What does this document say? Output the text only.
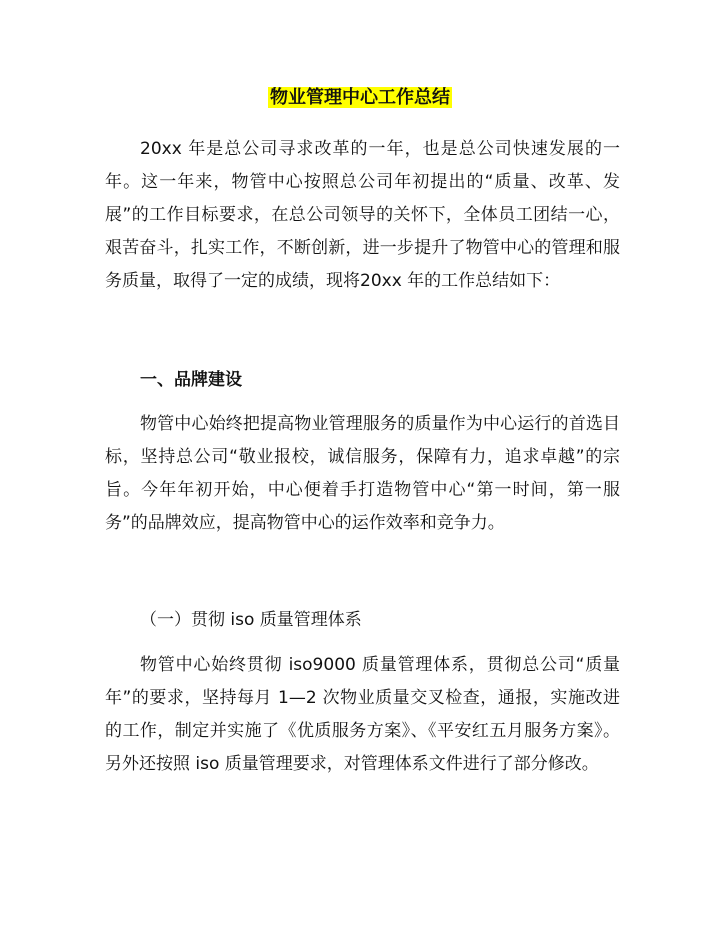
物业管理中心工作总结

20xx 年是总公司寻求改革的一年，也是总公司快速发展的一年。这一年来，物管中心按照总公司年初提出的“质量、改革、发展”的工作目标要求，在总公司领导的关怀下，全体员工团结一心，艰苦奋斗，扎实工作，不断创新，进一步提升了物管中心的管理和服务质量，取得了一定的成绩，现将20xx 年的工作总结如下：

一、品牌建设

物管中心始终把提高物业管理服务的质量作为中心运行的首选目标，坚持总公司“敬业报校，诚信服务，保障有力，追求卓越”的宗旨。今年年初开始，中心便着手打造物管中心“第一时间，第一服务”的品牌效应，提高物管中心的运作效率和竞争力。

（一）贯彻 iso 质量管理体系

物管中心始终贯彻 iso9000 质量管理体系，贯彻总公司“质量年”的要求，坚持每月 1—2 次物业质量交叉检查，通报，实施改进的工作，制定并实施了《优质服务方案》、《平安红五月服务方案》。另外还按照 iso 质量管理要求，对管理体系文件进行了部分修改。
